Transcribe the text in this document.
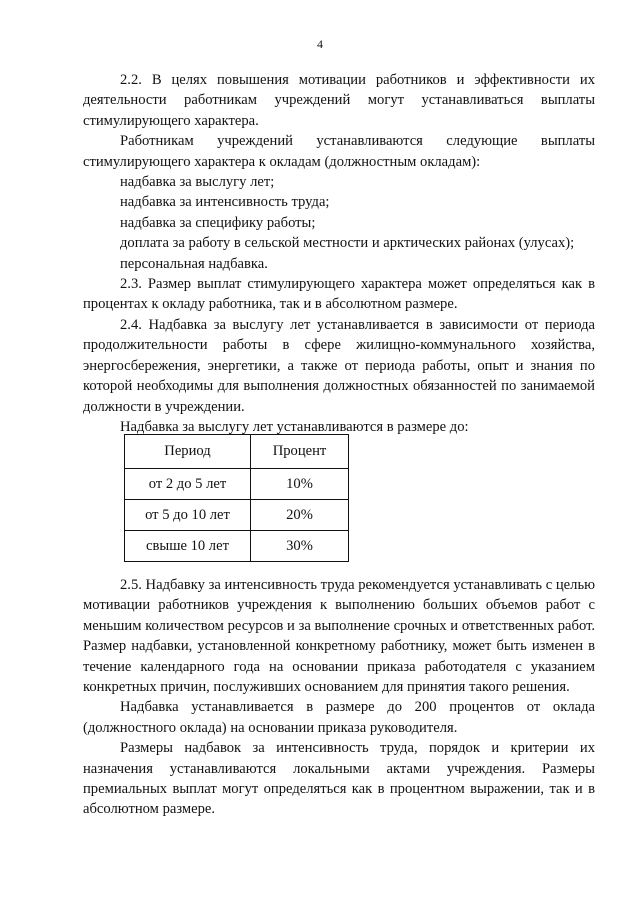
4

2.2. В целях повышения мотивации работников и эффективности их деятельности работникам учреждений могут устанавливаться выплаты стимулирующего характера.

Работникам учреждений устанавливаются следующие выплаты стимулирующего характера к окладам (должностным окладам):

надбавка за выслугу лет;

надбавка за интенсивность труда;

надбавка за специфику работы;

доплата за работу в сельской местности и арктических районах (улусах);

персональная надбавка.

2.3. Размер выплат стимулирующего характера может определяться как в процентах к окладу работника, так и в абсолютном размере.

2.4. Надбавка за выслугу лет устанавливается в зависимости от периода продолжительности работы в сфере жилищно-коммунального хозяйства, энергосбережения, энергетики, а также от периода работы, опыт и знания по которой необходимы для выполнения должностных обязанностей по занимаемой должности в учреждении.

Надбавка за выслугу лет устанавливаются в размере до:

Период	Процент
от 2 до 5 лет	10%
от 5 до 10 лет	20%
свыше 10 лет	30%

2.5. Надбавку за интенсивность труда рекомендуется устанавливать с целью мотивации работников учреждения к выполнению больших объемов работ с меньшим количеством ресурсов и за выполнение срочных и ответственных работ. Размер надбавки, установленной конкретному работнику, может быть изменен в течение календарного года на основании приказа работодателя с указанием конкретных причин, послуживших основанием для принятия такого решения.

Надбавка устанавливается в размере до 200 процентов от оклада (должностного оклада) на основании приказа руководителя.

Размеры надбавок за интенсивность труда, порядок и критерии их назначения устанавливаются локальными актами учреждения. Размеры премиальных выплат могут определяться как в процентном выражении, так и в абсолютном размере.
